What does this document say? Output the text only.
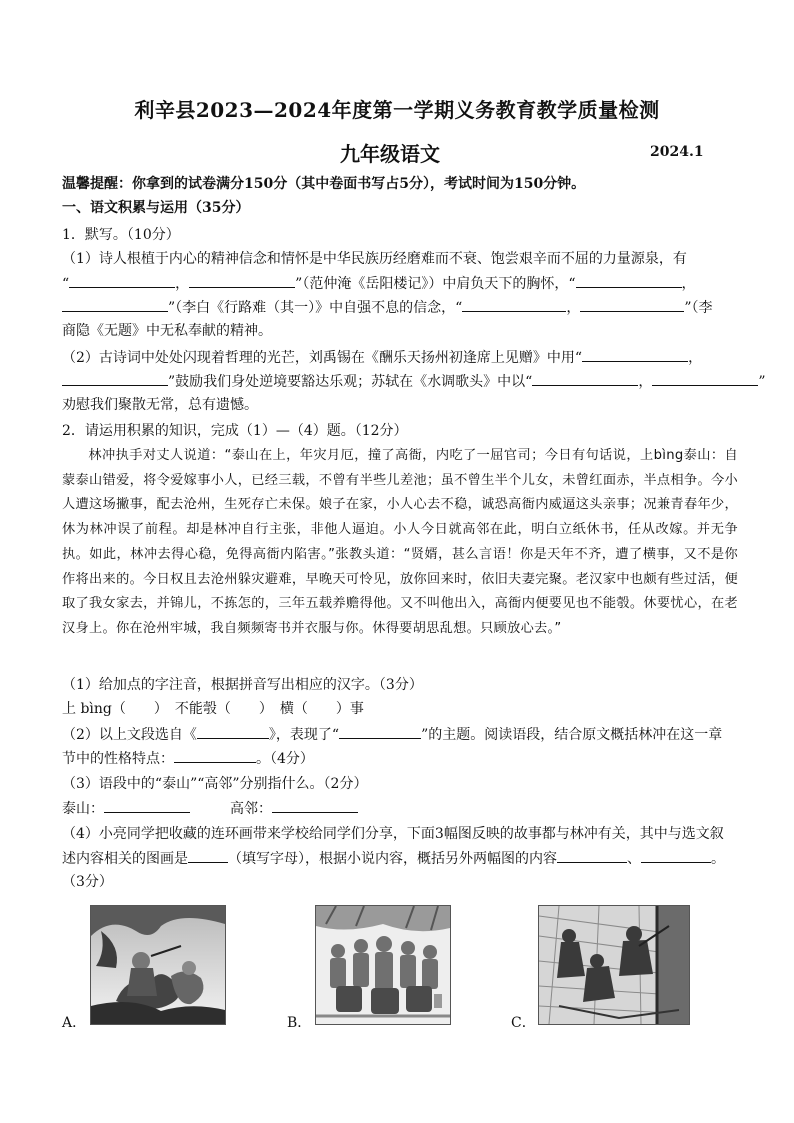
利辛县2023—2024年度第一学期义务教育教学质量检测
九年级语文	2024.1
温馨提醒：你拿到的试卷满分150分（其中卷面书写占5分），考试时间为150分钟。
一、语文积累与运用（35分）
1．默写。（10分）
（1）诗人根植于内心的精神信念和情怀是中华民族历经磨难而不衰、饱尝艰辛而不屈的力量源泉，有
“	，	”（范仲淹《岳阳楼记》）中肩负天下的胸怀，“	，
”（李白《行路难（其一）》中自强不息的信念，“	，	”（李
商隐《无题》中无私奉献的精神。
（2）古诗词中处处闪现着哲理的光芒，刘禹锡在《酬乐天扬州初逢席上见赠》中用“	，
”鼓励我们身处逆境要豁达乐观；苏轼在《水调歌头》中以“	，	”
劝慰我们聚散无常，总有遗憾。
2．请运用积累的知识，完成（1）—（4）题。（12分）
林冲执手对丈人说道：“泰山在上，年灾月厄，撞了高衙，内吃了一屈官司；今日有句话说，上bìng泰山：自蒙泰山错爱，将令爱嫁事小人，已经三载，不曾有半些儿差池；虽不曾生半个儿女，未曾红面赤，半点相争。今小人遭这场撇事，配去沧州，生死存亡未保。娘子在家，小人心去不稳，诚恐高衙内威逼这头亲事；况兼青春年少，休为林冲误了前程。却是林冲自行主张，非他人逼迫。小人今日就高邻在此，明白立纸休书，任从改嫁。并无争执。如此，林冲去得心稳，免得高衙内陷害。”张教头道：“贤婿，甚么言语！你是天年不齐，遭了横事，又不是你作将出来的。今日权且去沧州躲灾避难，早晚天可怜见，放你回来时，依旧夫妻完聚。老汉家中也颇有些过活，便取了我女家去，并锦儿，不拣怎的，三年五载养赡得他。又不叫他出入，高衙内便要见也不能彀。休要忧心，在老汉身上。你在沧州牢城，我自频频寄书并衣服与你。休得要胡思乱想。只顾放心去。”
（1）给加点的字注音，根据拼音写出相应的汉字。（3分）
上 bìng（　　）　不能彀（　　）　横（　　）事
（2）以上文段选自《	》，表现了“	”的主题。阅读语段，结合原文概括林冲在这一章
节中的性格特点：	。（4分）
（3）语段中的“泰山”“高邻”分别指什么。（2分）
泰山：	高邻：
（4）小亮同学把收藏的连环画带来学校给同学们分享，下面3幅图反映的故事都与林冲有关，其中与选文叙
述内容相关的图画是	（填写字母），根据小说内容，概括另外两幅图的内容	、	。
（3分）
A．	B．	C．
